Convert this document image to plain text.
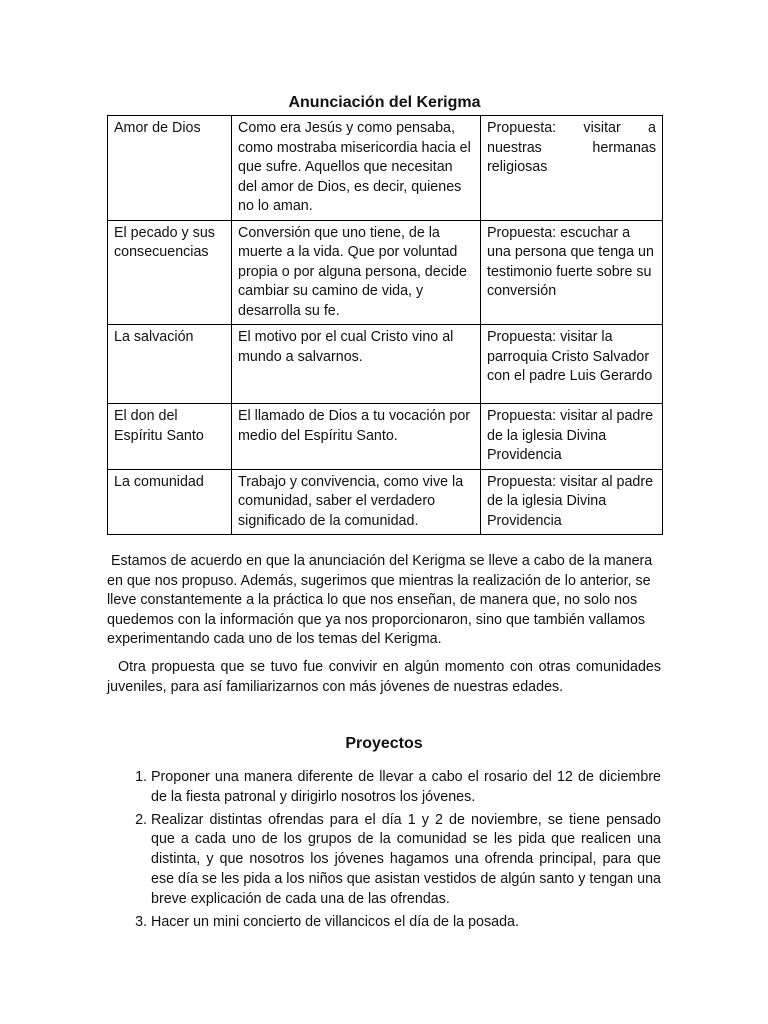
Anunciación del Kerigma
Amor de Dios	Como era Jesús y como pensaba, como mostraba misericordia hacia el que sufre. Aquellos que necesitan del amor de Dios, es decir, quienes no lo aman.	Propuesta: visitar a nuestras hermanas religiosas
El pecado y sus consecuencias	Conversión que uno tiene, de la muerte a la vida. Que por voluntad propia o por alguna persona, decide cambiar su camino de vida, y desarrolla su fe.	Propuesta: escuchar a una persona que tenga un testimonio fuerte sobre su conversión
La salvación	El motivo por el cual Cristo vino al mundo a salvarnos.	Propuesta: visitar la parroquia Cristo Salvador con el padre Luis Gerardo
El don del Espíritu Santo	El llamado de Dios a tu vocación por medio del Espíritu Santo.	Propuesta: visitar al padre de la iglesia Divina Providencia
La comunidad	Trabajo y convivencia, como vive la comunidad, saber el verdadero significado de la comunidad.	Propuesta: visitar al padre de la iglesia Divina Providencia

Estamos de acuerdo en que la anunciación del Kerigma se lleve a cabo de la manera en que nos propuso. Además, sugerimos que mientras la realización de lo anterior, se lleve constantemente a la práctica lo que nos enseñan, de manera que, no solo nos quedemos con la información que ya nos proporcionaron, sino que también vallamos experimentando cada uno de los temas del Kerigma.

Otra propuesta que se tuvo fue convivir en algún momento con otras comunidades juveniles, para así familiarizarnos con más jóvenes de nuestras edades.

Proyectos
1. Proponer una manera diferente de llevar a cabo el rosario del 12 de diciembre de la fiesta patronal y dirigirlo nosotros los jóvenes.
2. Realizar distintas ofrendas para el día 1 y 2 de noviembre, se tiene pensado que a cada uno de los grupos de la comunidad se les pida que realicen una distinta, y que nosotros los jóvenes hagamos una ofrenda principal, para que ese día se les pida a los niños que asistan vestidos de algún santo y tengan una breve explicación de cada una de las ofrendas.
3. Hacer un mini concierto de villancicos el día de la posada.
